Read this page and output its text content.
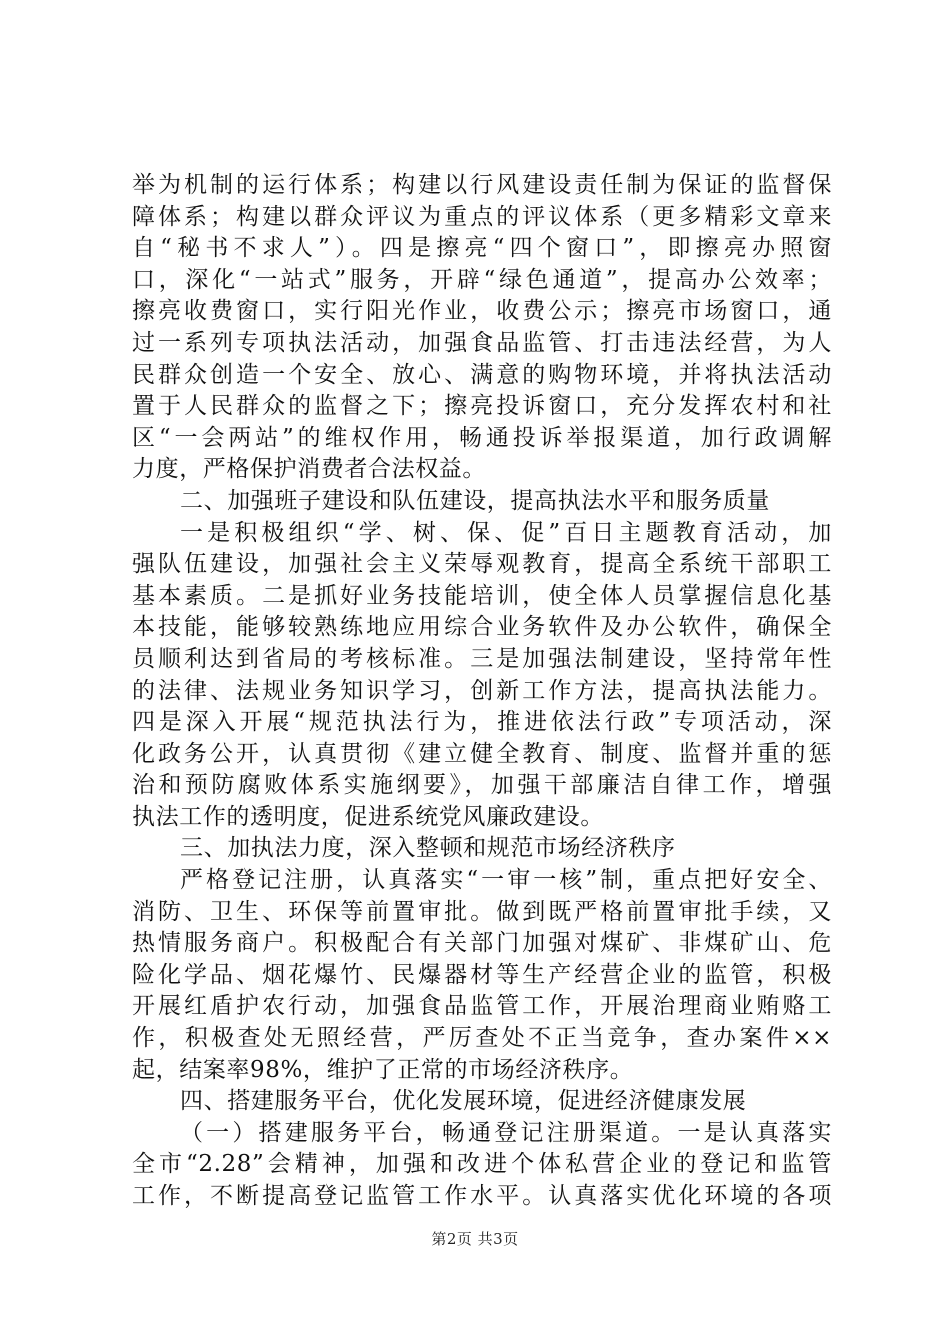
举为机制的运行体系；构建以行风建设责任制为保证的监督保
障体系；构建以群众评议为重点的评议体系（更多精彩文章来
自“秘书不求人”）。四是擦亮“四个窗口”，即擦亮办照窗
口，深化“一站式”服务，开辟“绿色通道”，提高办公效率；
擦亮收费窗口，实行阳光作业，收费公示；擦亮市场窗口，通
过一系列专项执法活动，加强食品监管、打击违法经营，为人
民群众创造一个安全、放心、满意的购物环境，并将执法活动
置于人民群众的监督之下；擦亮投诉窗口，充分发挥农村和社
区“一会两站”的维权作用，畅通投诉举报渠道，加行政调解
力度，严格保护消费者合法权益。
二、加强班子建设和队伍建设，提高执法水平和服务质量
一是积极组织“学、树、保、促”百日主题教育活动，加
强队伍建设，加强社会主义荣辱观教育，提高全系统干部职工
基本素质。二是抓好业务技能培训，使全体人员掌握信息化基
本技能，能够较熟练地应用综合业务软件及办公软件，确保全
员顺利达到省局的考核标准。三是加强法制建设，坚持常年性
的法律、法规业务知识学习，创新工作方法，提高执法能力。
四是深入开展“规范执法行为，推进依法行政”专项活动，深
化政务公开，认真贯彻《建立健全教育、制度、监督并重的惩
治和预防腐败体系实施纲要》，加强干部廉洁自律工作，增强
执法工作的透明度，促进系统党风廉政建设。
三、加执法力度，深入整顿和规范市场经济秩序
严格登记注册，认真落实“一审一核”制，重点把好安全、
消防、卫生、环保等前置审批。做到既严格前置审批手续，又
热情服务商户。积极配合有关部门加强对煤矿、非煤矿山、危
险化学品、烟花爆竹、民爆器材等生产经营企业的监管，积极
开展红盾护农行动，加强食品监管工作，开展治理商业贿赂工
作，积极查处无照经营，严厉查处不正当竞争，查办案件××
起，结案率98%，维护了正常的市场经济秩序。
四、搭建服务平台，优化发展环境，促进经济健康发展
（一）搭建服务平台，畅通登记注册渠道。一是认真落实
全市“2.28”会精神，加强和改进个体私营企业的登记和监管
工作，不断提高登记监管工作水平。认真落实优化环境的各项
第2页 共3页
